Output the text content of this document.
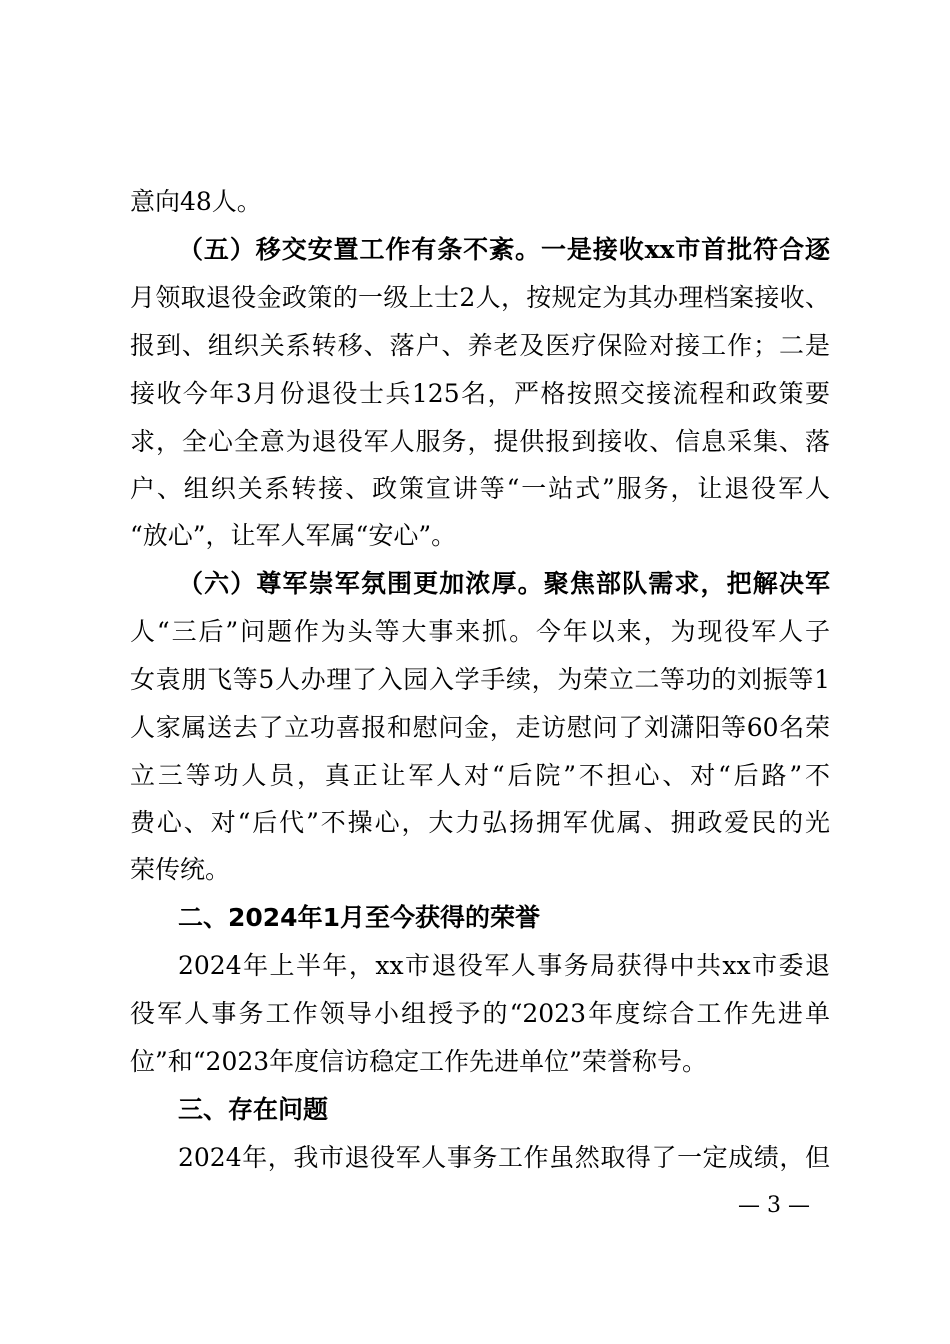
意向48人。
（五）移交安置工作有条不紊。一是接收xx市首批符合逐
月领取退役金政策的一级上士2人，按规定为其办理档案接收、
报到、组织关系转移、落户、养老及医疗保险对接工作；二是
接收今年3月份退役士兵125名，严格按照交接流程和政策要
求，全心全意为退役军人服务，提供报到接收、信息采集、落
户、组织关系转接、政策宣讲等“一站式”服务，让退役军人
“放心”，让军人军属“安心”。
（六）尊军崇军氛围更加浓厚。聚焦部队需求，把解决军
人“三后”问题作为头等大事来抓。今年以来，为现役军人子
女袁朋飞等5人办理了入园入学手续，为荣立二等功的刘振等1
人家属送去了立功喜报和慰问金，走访慰问了刘潇阳等60名荣
立三等功人员，真正让军人对“后院”不担心、对“后路”不
费心、对“后代”不操心，大力弘扬拥军优属、拥政爱民的光
荣传统。
二、2024年1月至今获得的荣誉
2024年上半年，xx市退役军人事务局获得中共xx市委退
役军人事务工作领导小组授予的“2023年度综合工作先进单
位”和“2023年度信访稳定工作先进单位”荣誉称号。
三、存在问题
2024年，我市退役军人事务工作虽然取得了一定成绩，但
— 3 —
